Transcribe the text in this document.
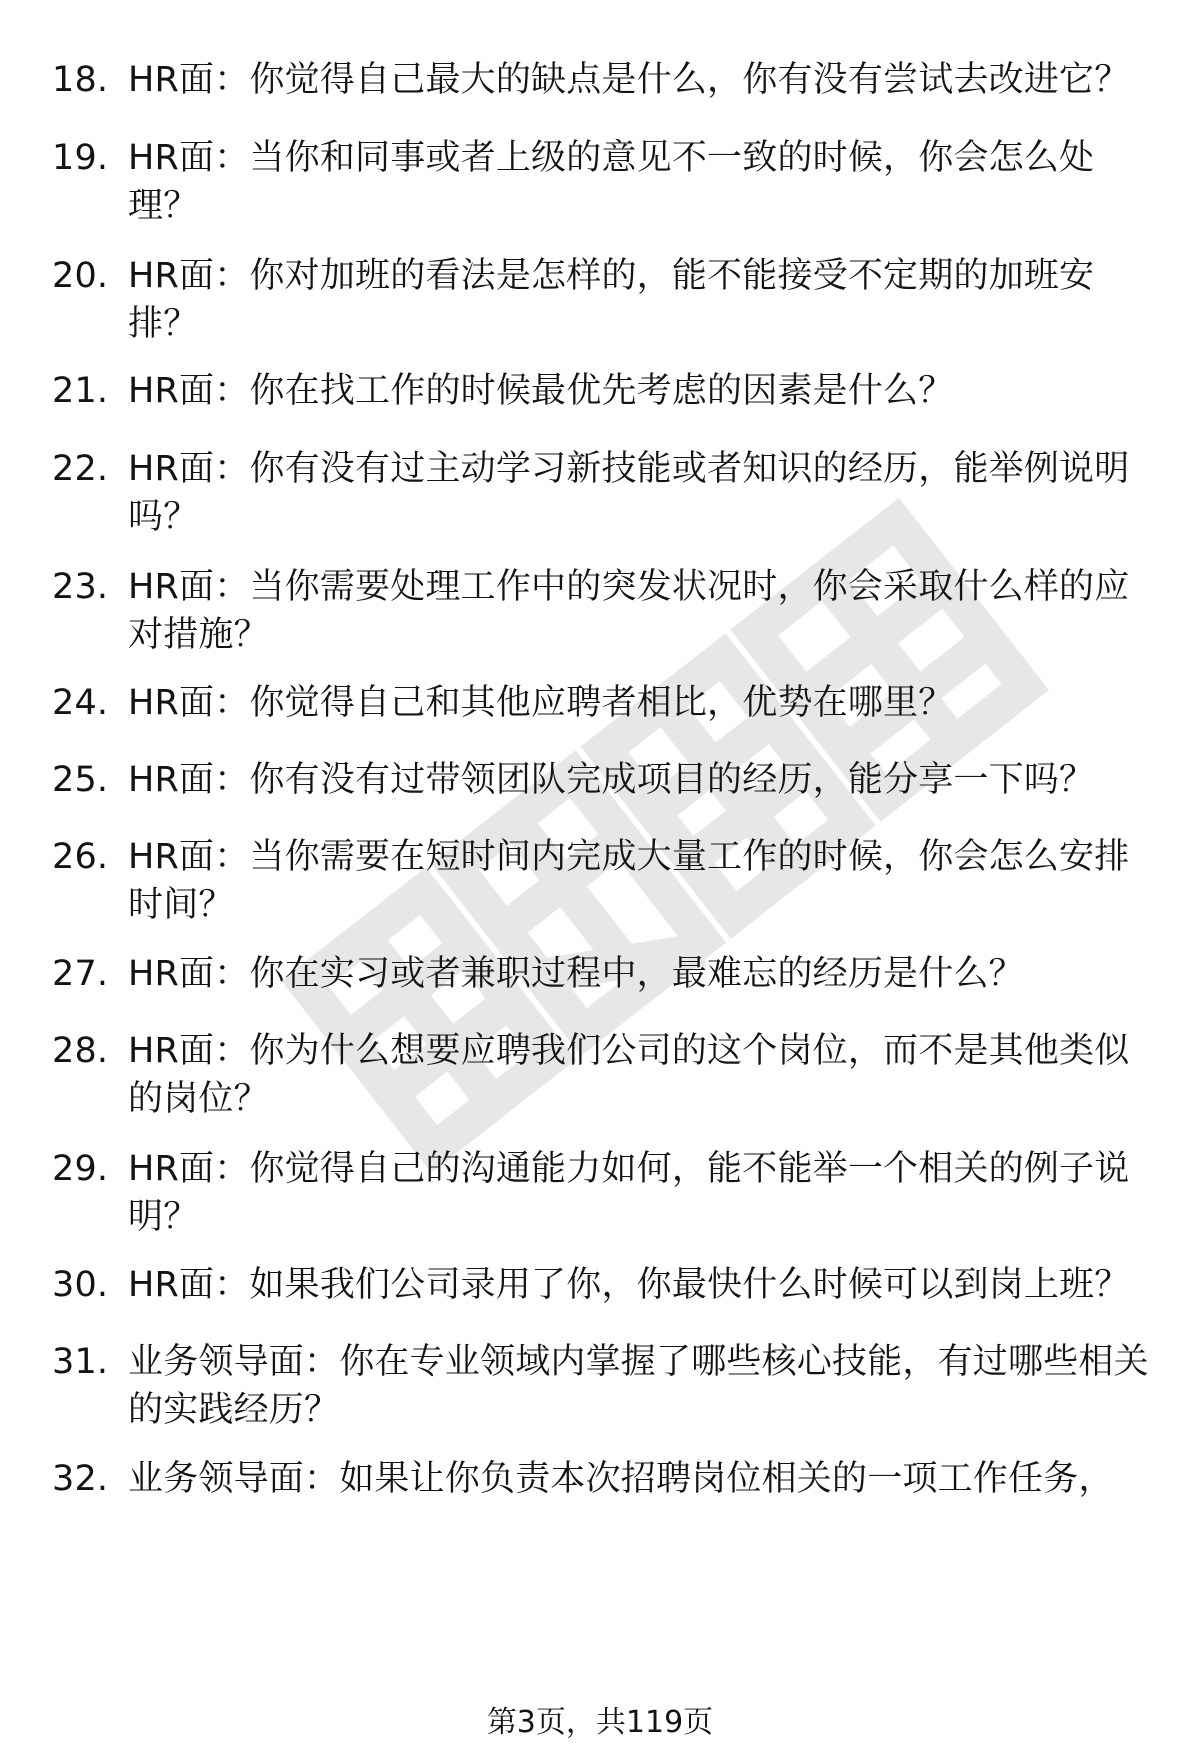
18. HR面：你觉得自己最大的缺点是什么，你有没有尝试去改进它？
19. HR面：当你和同事或者上级的意见不一致的时候，你会怎么处理？
20. HR面：你对加班的看法是怎样的，能不能接受不定期的加班安排？
21. HR面：你在找工作的时候最优先考虑的因素是什么？
22. HR面：你有没有过主动学习新技能或者知识的经历，能举例说明吗？
23. HR面：当你需要处理工作中的突发状况时，你会采取什么样的应对措施？
24. HR面：你觉得自己和其他应聘者相比，优势在哪里？
25. HR面：你有没有过带领团队完成项目的经历，能分享一下吗？
26. HR面：当你需要在短时间内完成大量工作的时候，你会怎么安排时间？
27. HR面：你在实习或者兼职过程中，最难忘的经历是什么？
28. HR面：你为什么想要应聘我们公司的这个岗位，而不是其他类似的岗位？
29. HR面：你觉得自己的沟通能力如何，能不能举一个相关的例子说明？
30. HR面：如果我们公司录用了你，你最快什么时候可以到岗上班？
31. 业务领导面：你在专业领域内掌握了哪些核心技能，有过哪些相关的实践经历？
32. 业务领导面：如果让你负责本次招聘岗位相关的一项工作任务，
第3页，共119页
